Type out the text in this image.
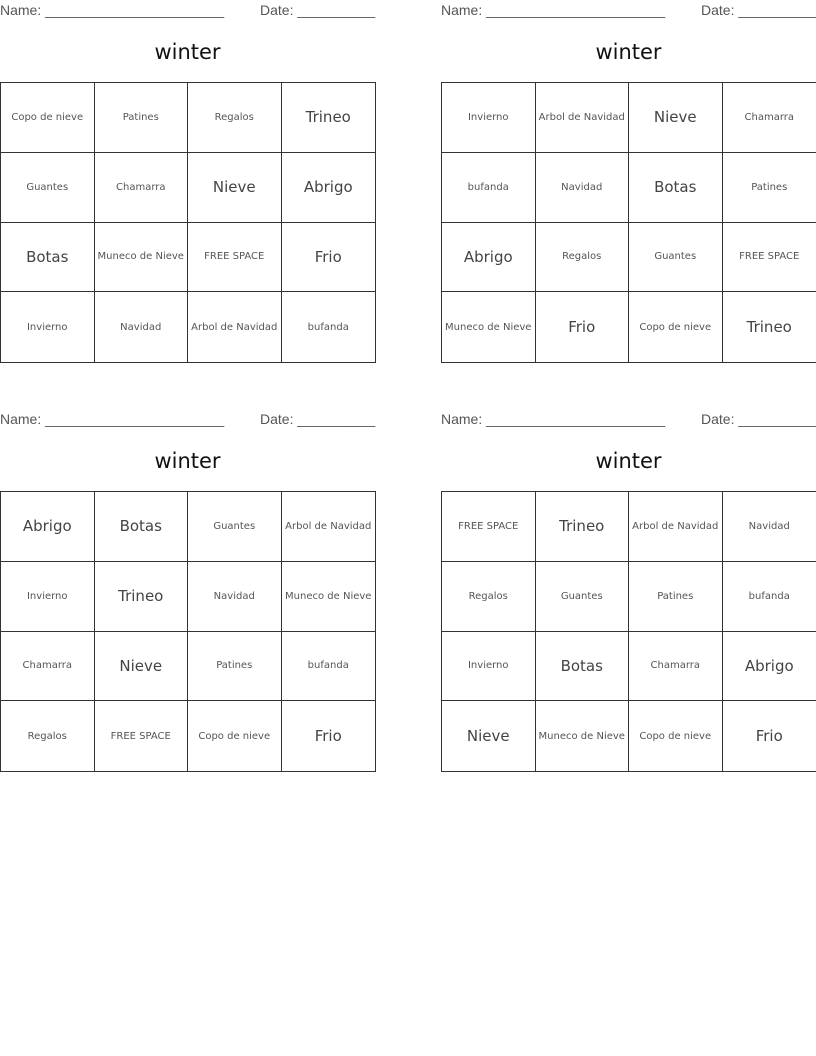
Name: _______________________	Date: __________
winter
Copo de nieve	Patines	Regalos	Trineo
Guantes	Chamarra	Nieve	Abrigo
Botas	Muneco de Nieve	FREE SPACE	Frio
Invierno	Navidad	Arbol de Navidad	bufanda
Name: _______________________	Date: __________
winter
Invierno	Arbol de Navidad	Nieve	Chamarra
bufanda	Navidad	Botas	Patines
Abrigo	Regalos	Guantes	FREE SPACE
Muneco de Nieve	Frio	Copo de nieve	Trineo
Name: _______________________	Date: __________
winter
Abrigo	Botas	Guantes	Arbol de Navidad
Invierno	Trineo	Navidad	Muneco de Nieve
Chamarra	Nieve	Patines	bufanda
Regalos	FREE SPACE	Copo de nieve	Frio
Name: _______________________	Date: __________
winter
FREE SPACE	Trineo	Arbol de Navidad	Navidad
Regalos	Guantes	Patines	bufanda
Invierno	Botas	Chamarra	Abrigo
Nieve	Muneco de Nieve	Copo de nieve	Frio
